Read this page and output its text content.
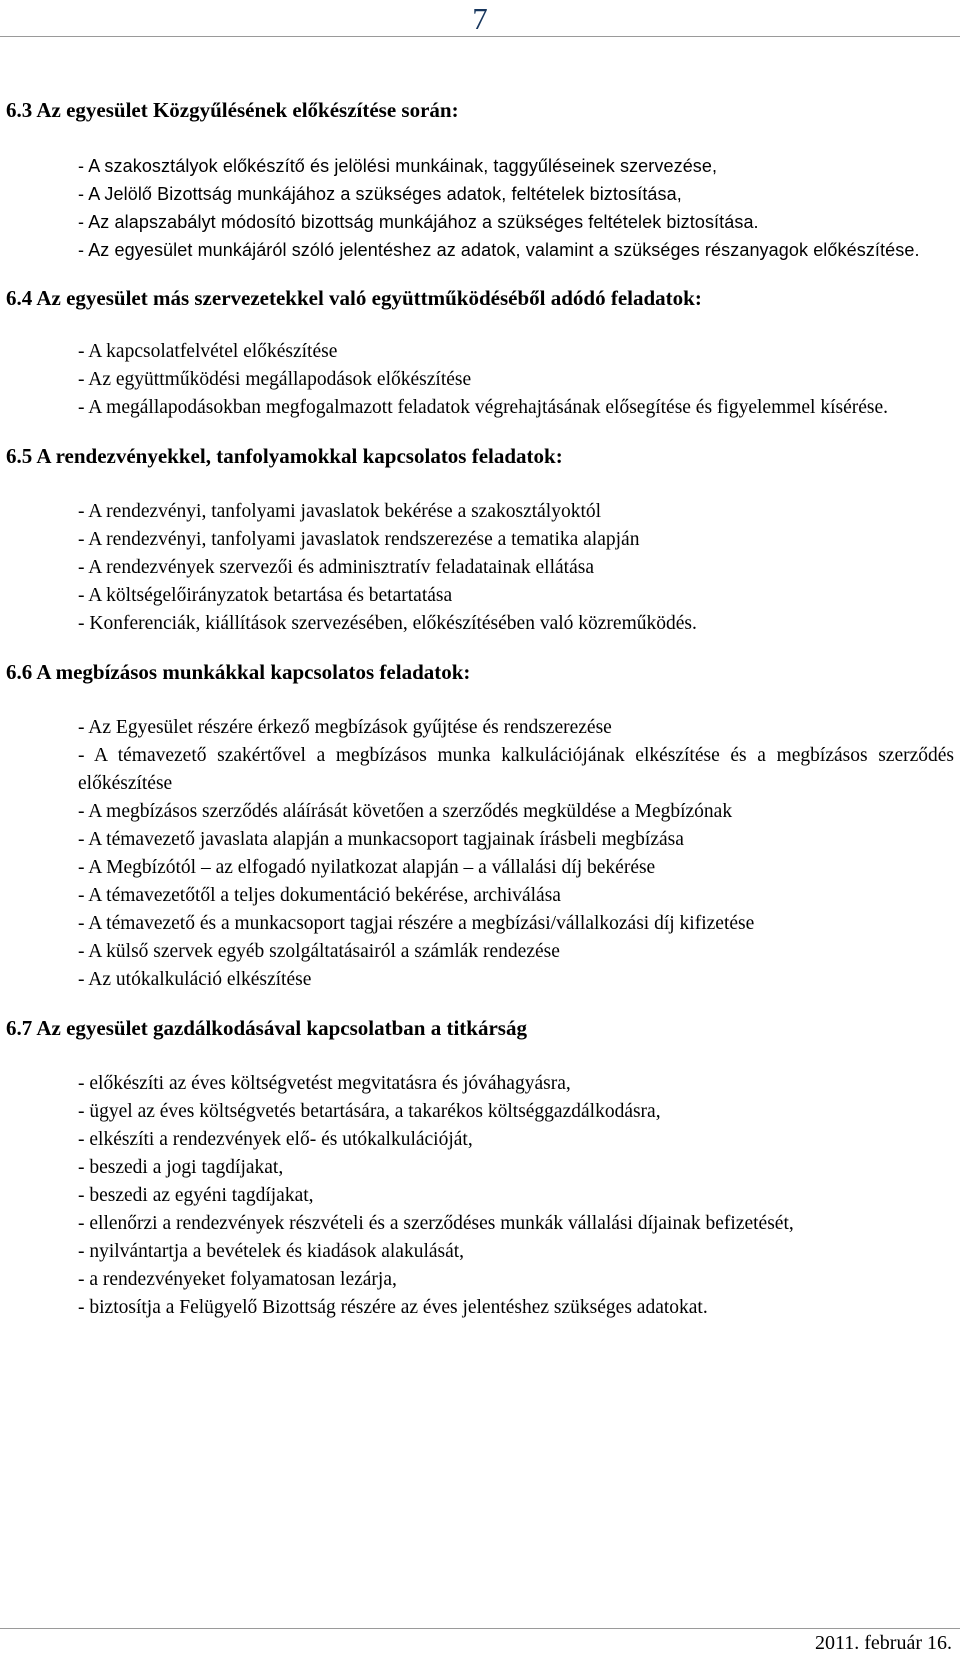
7
6.3 Az egyesület Közgyűlésének előkészítése során:

- A szakosztályok előkészítő és jelölési munkáinak, taggyűléseinek szervezése,

- A Jelölő Bizottság munkájához a szükséges adatok, feltételek biztosítása,

- Az alapszabályt módosító bizottság munkájához a szükséges feltételek biztosítása.

- Az egyesület munkájáról szóló jelentéshez az adatok, valamint a szükséges részanyagok előkészítése.

6.4 Az egyesület más szervezetekkel való együttműködéséből adódó feladatok:

- A kapcsolatfelvétel előkészítése

- Az együttműködési megállapodások előkészítése

- A megállapodásokban megfogalmazott feladatok végrehajtásának elősegítése és figyelemmel kísérése.

6.5 A rendezvényekkel, tanfolyamokkal kapcsolatos feladatok:

- A rendezvényi, tanfolyami javaslatok bekérése a szakosztályoktól

- A rendezvényi, tanfolyami javaslatok rendszerezése a tematika alapján

- A rendezvények szervezői és adminisztratív feladatainak ellátása

- A költségelőirányzatok betartása és betartatása

- Konferenciák, kiállítások szervezésében, előkészítésében való közreműködés.

6.6 A megbízásos munkákkal kapcsolatos feladatok:

- Az Egyesület részére érkező megbízások gyűjtése és rendszerezése

- A témavezető szakértővel a megbízásos munka kalkulációjának elkészítése és a megbízásos szerződés előkészítése

- A megbízásos szerződés aláírását követően a szerződés megküldése a Megbízónak

- A témavezető javaslata alapján a munkacsoport tagjainak írásbeli megbízása

- A Megbízótól – az elfogadó nyilatkozat alapján – a vállalási díj bekérése

- A témavezetőtől a teljes dokumentáció bekérése, archiválása

- A témavezető és a munkacsoport tagjai részére a megbízási/vállalkozási díj kifizetése

- A külső szervek egyéb szolgáltatásairól a számlák rendezése

- Az utókalkuláció elkészítése

6.7 Az egyesület gazdálkodásával kapcsolatban a titkárság

- előkészíti az éves költségvetést megvitatásra és jóváhagyásra,

- ügyel az éves költségvetés betartására, a takarékos költséggazdálkodásra,

- elkészíti a rendezvények elő- és utókalkulációját,

- beszedi a jogi tagdíjakat,

- beszedi az egyéni tagdíjakat,

- ellenőrzi a rendezvények részvételi és a szerződéses munkák vállalási díjainak befizetését,

- nyilvántartja a bevételek és kiadások alakulását,

- a rendezvényeket folyamatosan lezárja,

- biztosítja a Felügyelő Bizottság részére az éves jelentéshez szükséges adatokat.

2011. február 16.
